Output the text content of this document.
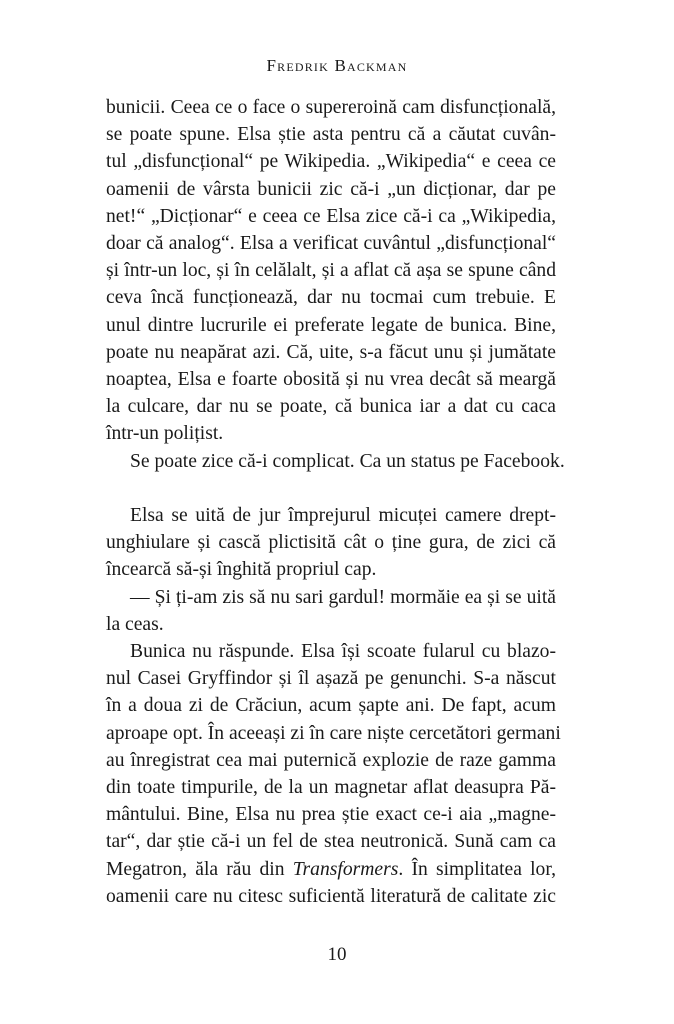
Fredrik Backman
bunicii. Ceea ce o face o supereroină cam disfuncțională,
se poate spune. Elsa știe asta pentru că a căutat cuvân-
tul „disfuncțional“ pe Wikipedia. „Wikipedia“ e ceea ce
oamenii de vârsta bunicii zic că-i „un dicționar, dar pe
net!“ „Dicționar“ e ceea ce Elsa zice că-i ca „Wikipedia,
doar că analog“. Elsa a verificat cuvântul „disfuncțional“
și într-un loc, și în celălalt, și a aflat că așa se spune când
ceva încă funcționează, dar nu tocmai cum trebuie. E
unul dintre lucrurile ei preferate legate de bunica. Bine,
poate nu neapărat azi. Că, uite, s-a făcut unu și jumătate
noaptea, Elsa e foarte obosită și nu vrea decât să meargă
la culcare, dar nu se poate, că bunica iar a dat cu caca
într-un polițist.
Se poate zice că-i complicat. Ca un status pe Facebook.
Elsa se uită de jur împrejurul micuței camere drept-
unghiulare și cască plictisită cât o ține gura, de zici că
încearcă să-și înghită propriul cap.
— Și ți-am zis să nu sari gardul! mormăie ea și se uită
la ceas.
Bunica nu răspunde. Elsa își scoate fularul cu blazo-
nul Casei Gryffindor și îl așază pe genunchi. S-a născut
în a doua zi de Crăciun, acum șapte ani. De fapt, acum
aproape opt. În aceeași zi în care niște cercetători germani
au înregistrat cea mai puternică explozie de raze gamma
din toate timpurile, de la un magnetar aflat deasupra Pă-
mântului. Bine, Elsa nu prea știe exact ce-i aia „magne-
tar“, dar știe că-i un fel de stea neutronică. Sună cam ca
Megatron, ăla rău din Transformers. În simplitatea lor,
oamenii care nu citesc suficientă literatură de calitate zic
10
